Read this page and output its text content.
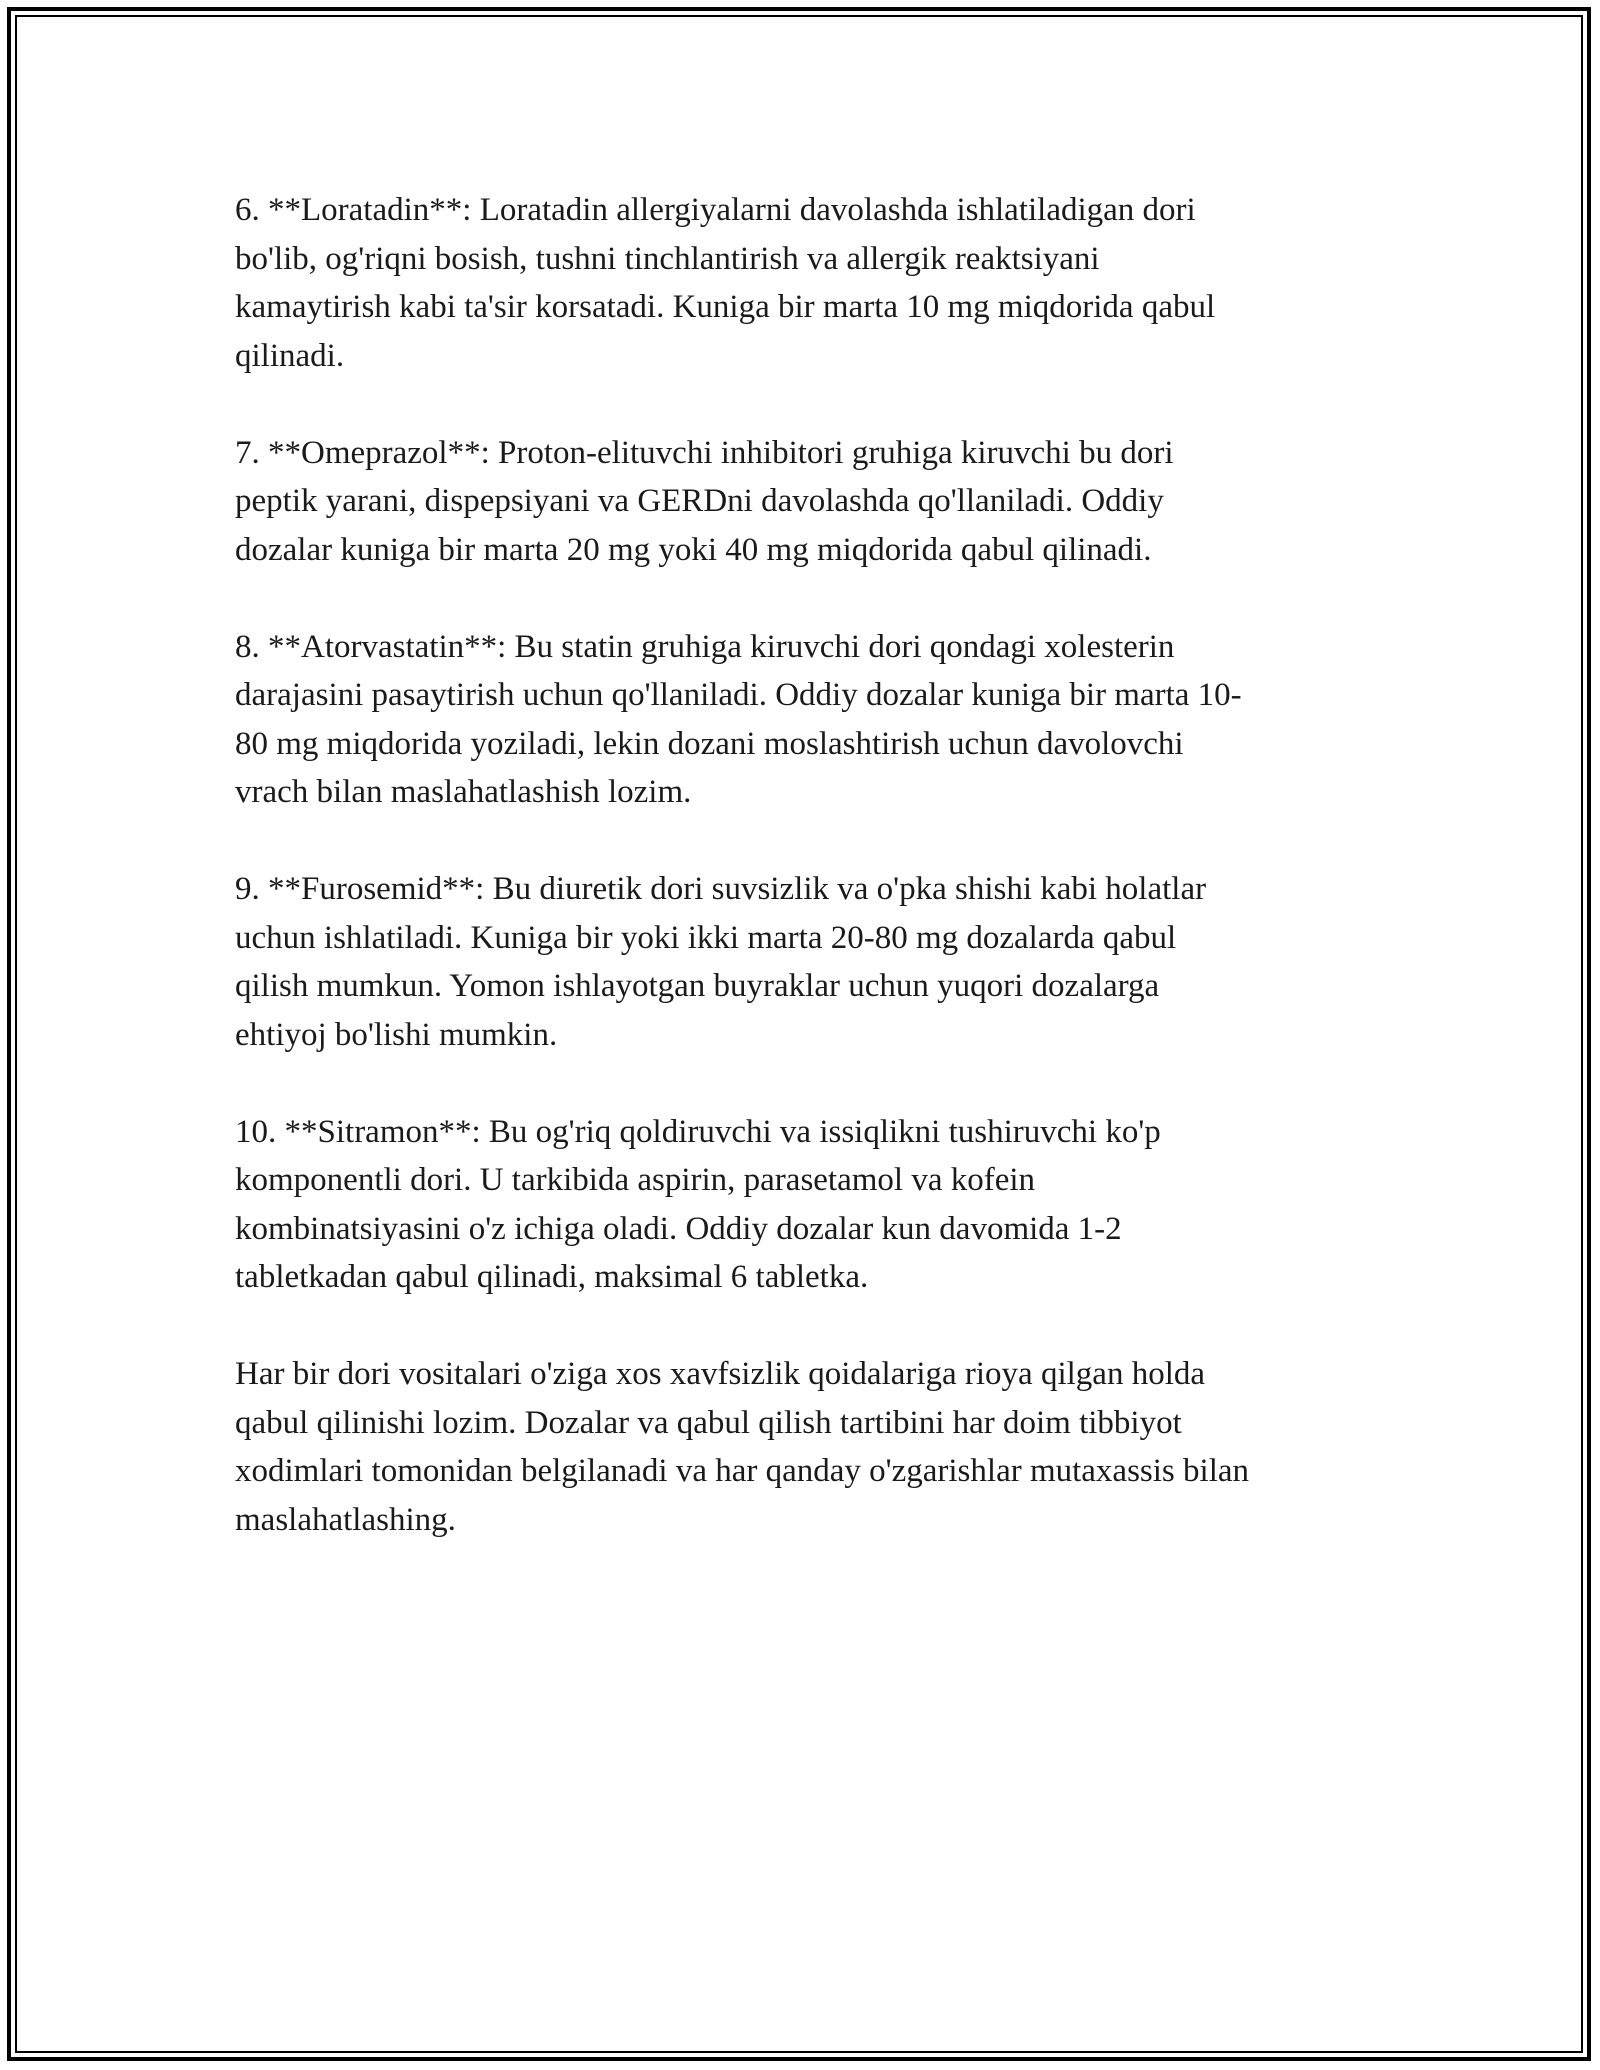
6. **Loratadin**: Loratadin allergiyalarni davolashda ishlatiladigan dori
bo'lib, og'riqni bosish, tushni tinchlantirish va allergik reaktsiyani
kamaytirish kabi ta'sir korsatadi. Kuniga bir marta 10 mg miqdorida qabul
qilinadi.

7. **Omeprazol**: Proton-elituvchi inhibitori gruhiga kiruvchi bu dori
peptik yarani, dispepsiyani va GERDni davolashda qo'llaniladi. Oddiy
dozalar kuniga bir marta 20 mg yoki 40 mg miqdorida qabul qilinadi.

8. **Atorvastatin**: Bu statin gruhiga kiruvchi dori qondagi xolesterin
darajasini pasaytirish uchun qo'llaniladi. Oddiy dozalar kuniga bir marta 10-
80 mg miqdorida yoziladi, lekin dozani moslashtirish uchun davolovchi
vrach bilan maslahatlashish lozim.

9. **Furosemid**: Bu diuretik dori suvsizlik va o'pka shishi kabi holatlar
uchun ishlatiladi. Kuniga bir yoki ikki marta 20-80 mg dozalarda qabul
qilish mumkun. Yomon ishlayotgan buyraklar uchun yuqori dozalarga
ehtiyoj bo'lishi mumkin.

10. **Sitramon**: Bu og'riq qoldiruvchi va issiqlikni tushiruvchi ko'p
komponentli dori. U tarkibida aspirin, parasetamol va kofein
kombinatsiyasini o'z ichiga oladi. Oddiy dozalar kun davomida 1-2
tabletkadan qabul qilinadi, maksimal 6 tabletka.

Har bir dori vositalari o'ziga xos xavfsizlik qoidalariga rioya qilgan holda
qabul qilinishi lozim. Dozalar va qabul qilish tartibini har doim tibbiyot
xodimlari tomonidan belgilanadi va har qanday o'zgarishlar mutaxassis bilan
maslahatlashing.
